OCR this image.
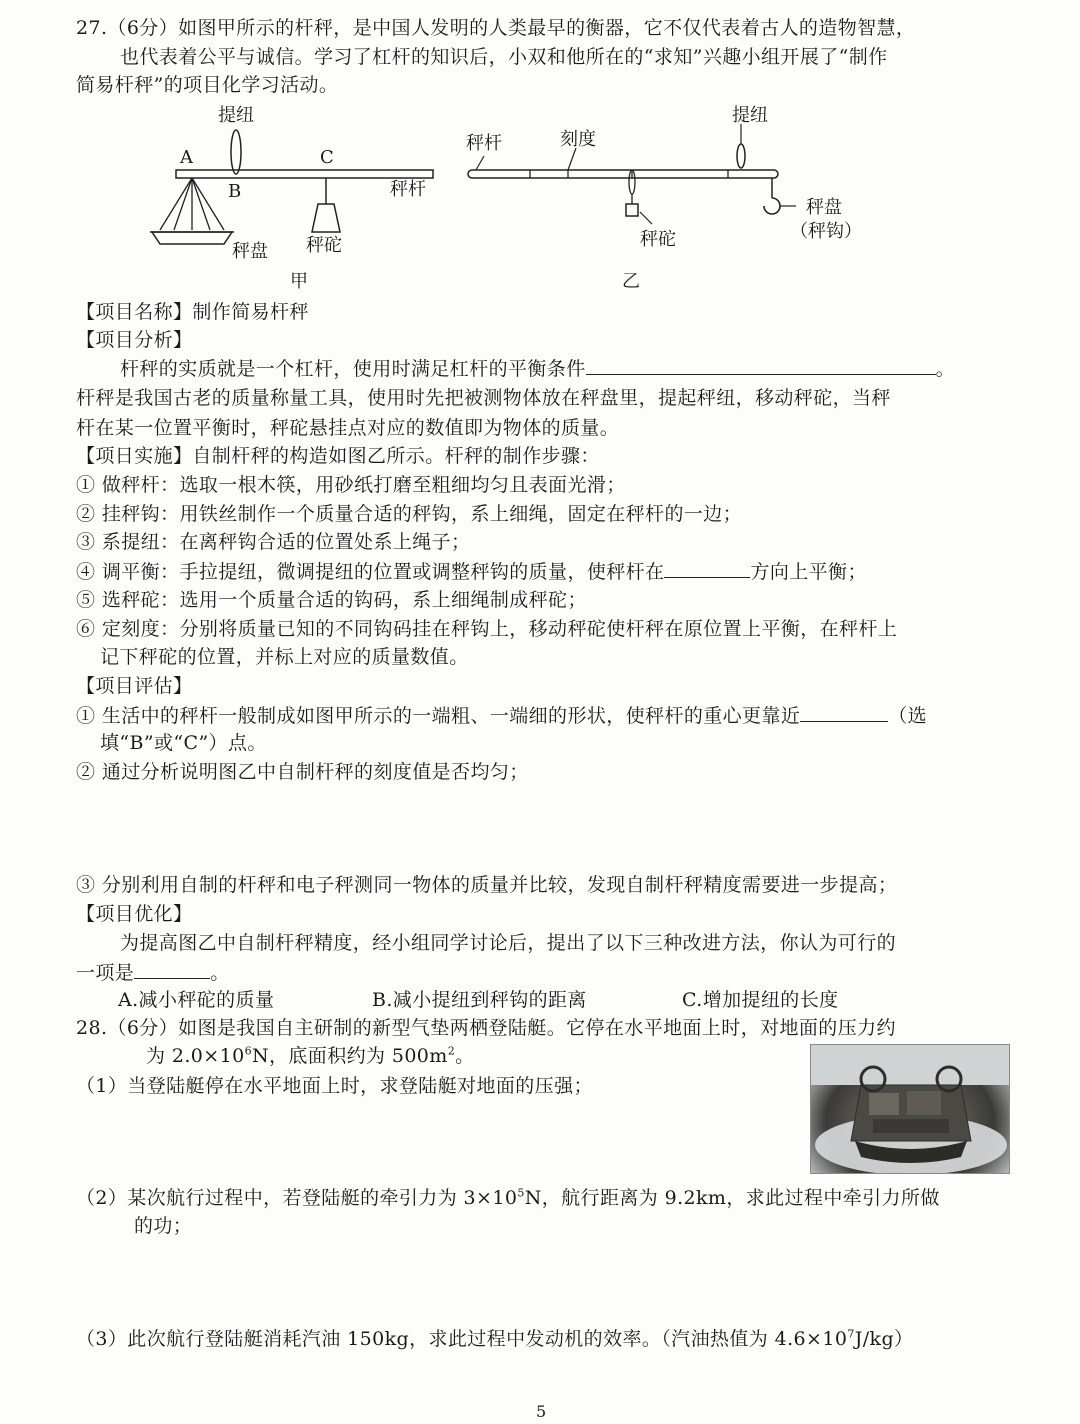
27.（6分）如图甲所示的杆秤，是中国人发明的人类最早的衡器，它不仅代表着古人的造物智慧，
也代表着公平与诚信。学习了杠杆的知识后，小双和他所在的“求知”兴趣小组开展了“制作
简易杆秤”的项目化学习活动。
提纽
A
B
C
秤杆
秤盘 秤砣
甲
秤杆	刻度
提纽
秤砣
秤盘
（秤钩）
乙
【项目名称】制作简易杆秤
【项目分析】
杆秤的实质就是一个杠杆，使用时满足杠杆的平衡条件	。
杆秤是我国古老的质量称量工具，使用时先把被测物体放在秤盘里，提起秤纽，移动秤砣，当秤
杆在某一位置平衡时，秤砣悬挂点对应的数值即为物体的质量。
【项日实施】自制杆秤的构造如图乙所示。杆秤的制作步骤：
① 做秤杆：选取一根木筷，用砂纸打磨至粗细均匀且表面光滑；
② 挂秤钩：用铁丝制作一个质量合适的秤钩，系上细绳，固定在秤杆的一边；
③ 系提纽：在离秤钩合适的位置处系上绳子；
④ 调平衡：手拉提纽，微调提纽的位置或调整秤钩的质量，使秤杆在	方向上平衡；
⑤ 选秤砣：选用一个质量合适的钩码，系上细绳制成秤砣；
⑥ 定刻度：分别将质量已知的不同钩码挂在秤钩上，移动秤砣使杆秤在原位置上平衡，在秤杆上
记下秤砣的位置，并标上对应的质量数值。
【项目评估】
① 生活中的秤杆一般制成如图甲所示的一端粗、一端细的形状，使秤杆的重心更靠近	（选
填“B”或“C”）点。
② 通过分析说明图乙中自制杆秤的刻度值是否均匀；
③ 分别利用自制的杆秤和电子秤测同一物体的质量并比较，发现自制杆秤精度需要进一步提高；
【项目优化】
为提高图乙中自制杆秤精度，经小组同学讨论后，提出了以下三种改进方法，你认为可行的
一项是	。
A.减小秤砣的质量	B.减小提纽到秤钩的距离	C.增加提纽的长度
28.（6分）如图是我国自主研制的新型气垫两栖登陆艇。它停在水平地面上时，对地面的压力约
为 $2.0\times 10^6N$，底面积约为 $500m^2$。
（1）当登陆艇停在水平地面上时，求登陆艇对地面的压强；
（2）某次航行过程中，若登陆艇的牵引力为 $3\times 10^5N$，航行距离为 9.2km，求此过程中牵引力所做
的功；
（3）此次航行登陆艇消耗汽油 150kg，求此过程中发动机的效率。（汽油热值为 $4.6\times 10^7J/kg$）
5
